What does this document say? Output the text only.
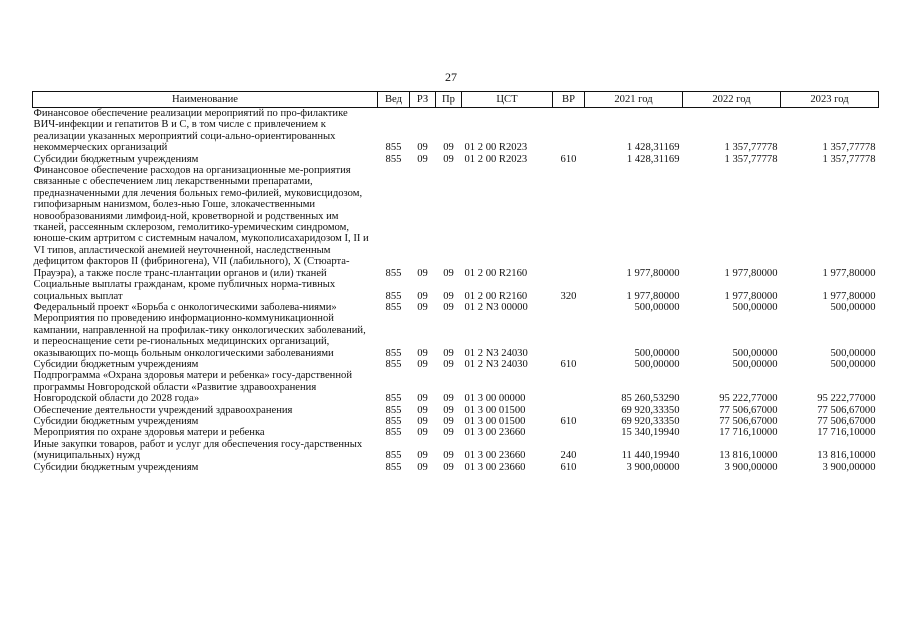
27
Наименование	Вед	РЗ	Пр	ЦСТ	ВР	2021 год	2022 год	2023 год
Финансовое обеспечение реализации мероприятий по про-филактике ВИЧ-инфекции и гепатитов В и С, в том числе с привлечением к реализации указанных мероприятий соци-ально-ориентированных некоммерческих организаций	855	09	09	01 2 00 R2023		1 428,31169	1 357,77778	1 357,77778
Субсидии бюджетным учреждениям	855	09	09	01 2 00 R2023	610	1 428,31169	1 357,77778	1 357,77778
Финансовое обеспечение расходов на организационные ме-роприятия связанные с обеспечением лиц лекарственными препаратами, предназначенными для лечения больных гемо-филией, муковисцидозом, гипофизарным нанизмом, болез-нью Гоше, злокачественными новообразованиями лимфоид-ной, кроветворной и родственных им тканей, рассеянным склерозом, гемолитико-уремическим синдромом, юноше-ским артритом с системным началом, мукополисахаридозом I, II и VI типов, апластической анемией неуточненной, наследственным дефицитом факторов II (фибриногена), VII (лабильного), X (Стюарта-Прауэра), а также после транс-плантации органов и (или) тканей	855	09	09	01 2 00 R2160		1 977,80000	1 977,80000	1 977,80000
Социальные выплаты гражданам, кроме публичных норма-тивных социальных выплат	855	09	09	01 2 00 R2160	320	1 977,80000	1 977,80000	1 977,80000
Федеральный проект «Борьба с онкологическими заболева-ниями»	855	09	09	01 2 N3 00000		500,00000	500,00000	500,00000
Мероприятия по проведению информационно-коммуникационной кампании, направленной на профилак-тику онкологических заболеваний, и переоснащение сети ре-гиональных медицинских организаций, оказывающих по-мощь больным онкологическими заболеваниями	855	09	09	01 2 N3 24030		500,00000	500,00000	500,00000
Субсидии бюджетным учреждениям	855	09	09	01 2 N3 24030	610	500,00000	500,00000	500,00000
Подпрограмма «Охрана здоровья матери и ребенка» госу-дарственной программы Новгородской области «Развитие здравоохранения Новгородской области до 2028 года»	855	09	09	01 3 00 00000		85 260,53290	95 222,77000	95 222,77000
Обеспечение деятельности учреждений здравоохранения	855	09	09	01 3 00 01500		69 920,33350	77 506,67000	77 506,67000
Субсидии бюджетным учреждениям	855	09	09	01 3 00 01500	610	69 920,33350	77 506,67000	77 506,67000
Мероприятия по охране здоровья матери и ребенка	855	09	09	01 3 00 23660		15 340,19940	17 716,10000	17 716,10000
Иные закупки товаров, работ и услуг для обеспечения госу-дарственных (муниципальных) нужд	855	09	09	01 3 00 23660	240	11 440,19940	13 816,10000	13 816,10000
Субсидии бюджетным учреждениям	855	09	09	01 3 00 23660	610	3 900,00000	3 900,00000	3 900,00000
